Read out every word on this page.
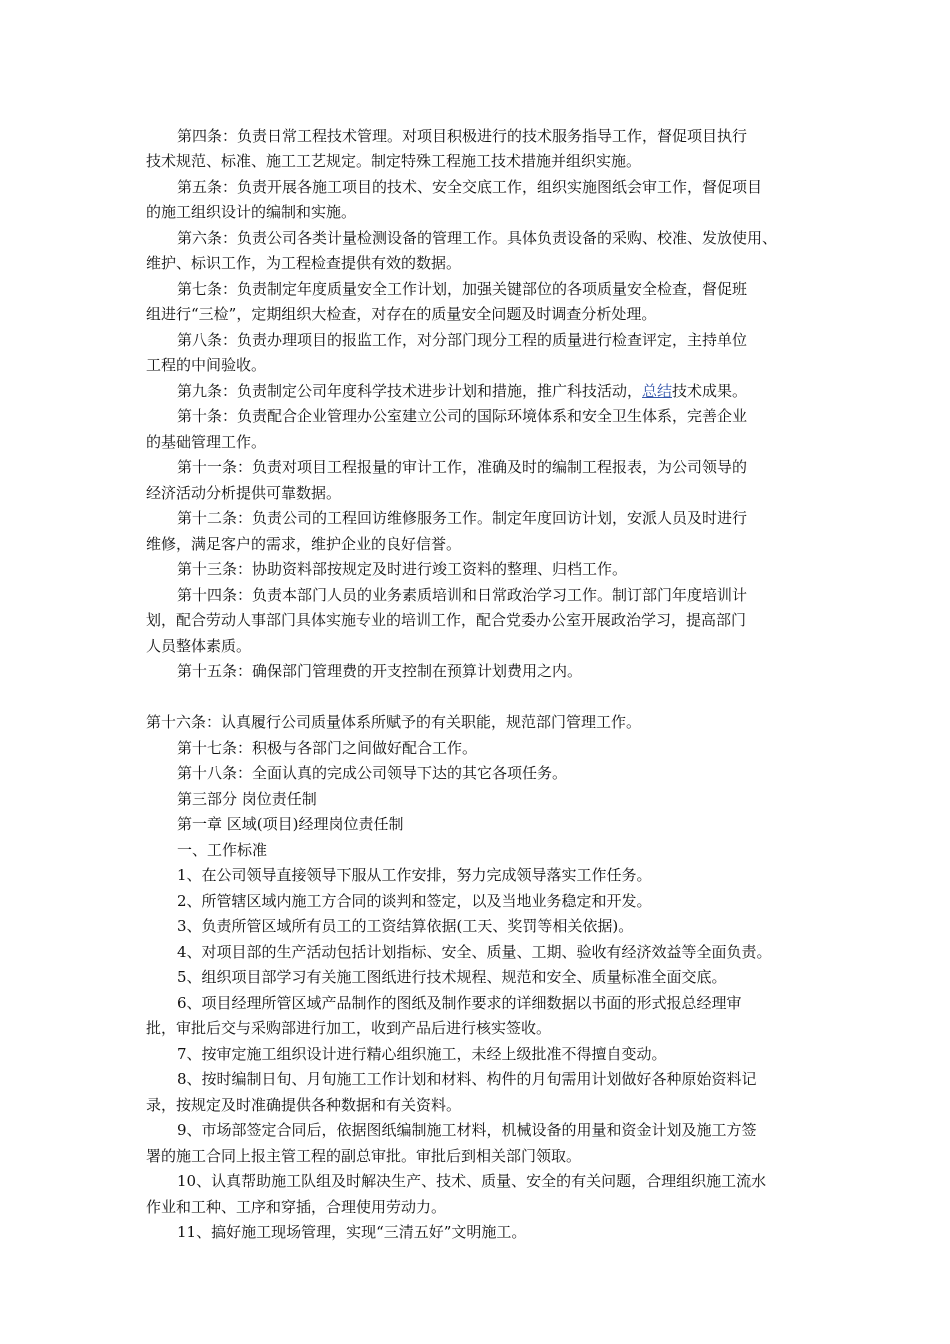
第四条：负责日常工程技术管理。对项目积极进行的技术服务指导工作，督促项目执行
技术规范、标准、施工工艺规定。制定特殊工程施工技术措施并组织实施。
第五条：负责开展各施工项目的技术、安全交底工作，组织实施图纸会审工作，督促项目
的施工组织设计的编制和实施。
第六条：负责公司各类计量检测设备的管理工作。具体负责设备的采购、校准、发放使用、
维护、标识工作，为工程检查提供有效的数据。
第七条：负责制定年度质量安全工作计划，加强关键部位的各项质量安全检查，督促班
组进行“三检”，定期组织大检查，对存在的质量安全问题及时调查分析处理。
第八条：负责办理项目的报监工作，对分部门现分工程的质量进行检查评定，主持单位
工程的中间验收。
第九条：负责制定公司年度科学技术进步计划和措施，推广科技活动，总结技术成果。
第十条：负责配合企业管理办公室建立公司的国际环境体系和安全卫生体系，完善企业
的基础管理工作。
第十一条：负责对项目工程报量的审计工作，准确及时的编制工程报表，为公司领导的
经济活动分析提供可靠数据。
第十二条：负责公司的工程回访维修服务工作。制定年度回访计划，安派人员及时进行
维修，满足客户的需求，维护企业的良好信誉。
第十三条：协助资料部按规定及时进行竣工资料的整理、归档工作。
第十四条：负责本部门人员的业务素质培训和日常政治学习工作。制订部门年度培训计
划，配合劳动人事部门具体实施专业的培训工作，配合党委办公室开展政治学习，提高部门
人员整体素质。
第十五条：确保部门管理费的开支控制在预算计划费用之内。
第十六条：认真履行公司质量体系所赋予的有关职能，规范部门管理工作。
第十七条：积极与各部门之间做好配合工作。
第十八条：全面认真的完成公司领导下达的其它各项任务。
第三部分 岗位责任制
第一章 区域(项目)经理岗位责任制
一、工作标准
1、在公司领导直接领导下服从工作安排，努力完成领导落实工作任务。
2、所管辖区域内施工方合同的谈判和签定，以及当地业务稳定和开发。
3、负责所管区域所有员工的工资结算依据(工天、奖罚等相关依据)。
4、对项目部的生产活动包括计划指标、安全、质量、工期、验收有经济效益等全面负责。
5、组织项目部学习有关施工图纸进行技术规程、规范和安全、质量标准全面交底。
6、项目经理所管区域产品制作的图纸及制作要求的详细数据以书面的形式报总经理审
批，审批后交与采购部进行加工，收到产品后进行核实签收。
7、按审定施工组织设计进行精心组织施工，未经上级批准不得擅自变动。
8、按时编制日旬、月旬施工工作计划和材料、构件的月旬需用计划做好各种原始资料记
录，按规定及时准确提供各种数据和有关资料。
9、市场部签定合同后，依据图纸编制施工材料，机械设备的用量和资金计划及施工方签
署的施工合同上报主管工程的副总审批。审批后到相关部门领取。
10、认真帮助施工队组及时解决生产、技术、质量、安全的有关问题，合理组织施工流水
作业和工种、工序和穿插，合理使用劳动力。
11、搞好施工现场管理，实现“三清五好”文明施工。
